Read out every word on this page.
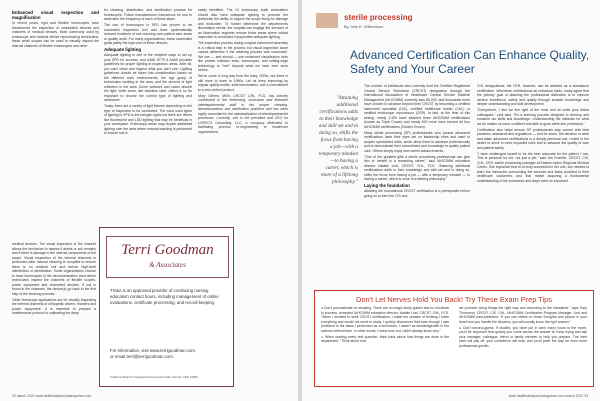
Enhanced visual inspection and magnification

In recent years, rigid and flexible borescopes have transformed the inspection of cannulated devices and channels of medical devices. Most commonly used by endoscope and medical device reprocessing technicians, these small scopes can be used to visually inspect the internal channels of flexible endoscopes and other

medical devices. The visual inspection of the channel allows the technician to assess if debris or soil remains and if there is damage to the internal components of the scope. Visual inspection of the internal channels is performed after manual cleaning is complete to ensure there is no residual soil and before high-level disinfection or sterilization. Some organizations choose to have borescopes in the decontamination area where technicians inspect the channels of flexible scopes, power equipment and channeled devices. If soil is found in the channels, the device(s) go back to the first step of the cleaning process.

Other borescope applications are for visually inspecting the internal channels of orthopedic drivers, reamers and power equipment. It is essential to prepare a maintenance protocol to calibrating the deep

for cleaning, disinfection, and sterilization process for borescopes. Follow manufacturers instructions for use to determine the frequency of each of these steps.

The use of borescopes in SPD has proven to be successful inspection tool and have systematically reduced incidents of soil reaching user patient care areas or quality audit. For many organizations, these successful goals justify the high cost of these devices.

Adequate lighting

Adequate lighting is one of the simplest ways to set up your SPD for success, and AAMI ST79 & AAMI provides guidelines for proper lighting in inspection areas. After all, you can't clean and inspect what you can't see. Lighting guidelines should be taken into consideration based on the different work environments, the age group of technicians working in the area, and the amount of light reflection in the area. Some surfaces and colors absorb the light, while some, like stainless steel, reflect it, so it's important to choose the correct type of lighting and luminance.

Today, there are a variety of light fixtures depending on the type of inspection to be conducted. The most used types of lighting in SPD is the halogen lights but there are others like fluorescent and LED lighting that may be beneficial in your workspace. Endoscopy areas may require additional lighting over the area where manual washing is performed to ensure soil is

easily identified. The GI endoscopy audit workstation should also have adequate lighting to promote the technician the ability to inspect the scope fixing for damage and bioburden. To further determine the department's illumination needs, the hospital can engage the services of an illumination engineer ensure those areas where critical inspection is conducted incorporates adequate lighting.

The inspection process during surgical instrument assembly is a critical step in the process but visual inspection alone cannot determine if the cleaning process was successful. We can — and should — use enhanced visualization tools like protein indicator tests, borescopes, and cutting-edge technology to "see" beyond what we have ever seen before.

We've come a long way from the early 1900s, but there is still more to learn in 1990s. Let us keep improving by regular quality audits, solid benchmarks, and a commitment to a zero-defect product.

Mary Olivera, MSN, CRCST, CHL, FCS, has actively contributed in the reinforcing, curriculum and intensive interdepartmental staff in the proper cleaning, decontamination and sterilization practices and has been highly committed to the standardization of interdepartmental processes. Currently, she is the president and CEO for OSPECS Consulting, LLC, a company dedicated to facilitating process re-engineering in healthcare organizations.

Terri Goodman
& Associates
TG&A is an approved provider of continuing nursing education contact hours, including management of online evaluations, certificate processing, and record-keeping.
For information, visit www.terrigoodman.com,
or email terri@terrigoodman.com.
California Board of Registered Nursing Provider Number CEP 10050
32 march 2021 www.healthcarepurchasingnews.com
sterile processing
By Julie E. Williamson
Advanced Certification Can Enhance Quality, Safety and Your Career
"Attaining additional certifications adds to their knowledge and skill set and in doing so, shifts the focus from having a job—with a temporary mindset—to having a career, which is more of a lifelong philosophy."

The number of individuals who currently hold the Certified Registered Central Service Technician (CRCST) designation through the International Association of Healthcare Central Service Materiel Management (IAHCSMM) currently tops 86,000, and thousands more have chosen to advance beyond their CRCST by becoming a certified instrument specialist (CIS), certified healthcare leader (CHL) or certified endoscope reprocessor (CER). In fact, at the time of this writing, nearly 1,400 have attained three IAHCSMM certifications (known as Triple Crown) and nearly 500 more have earned all four IAHCSMM certifications (Golden Crown).

Many sterile processing (SP) professionals who pursue advanced certifications have their eyes set on leadership roles and want to acquire specialized skills, which allow them to advance professionally and to demonstrate their commitment and knowledge to quality patient care. Others simply enjoy new career advancements.

"One of the greatest gifts a sterile processing professional can give him or herself is a rewarding career," said IAHCSMM education director Natalie Lind, CRCST, CHL, FCS. "Attaining additional certifications adds to their knowledge and skill set and in doing so, shifts the focus from having a job — with a temporary mindset — to having a career, which is more of a lifelong philosophy."

Laying the foundation

Attaining the foundational CRCST certification is a prerequisite before going on to earn the CIS and

CHL designations; the CER, however, can be attained as a standalone certification. Whichever certifications an individual holds, many agree that the primary goal of attaining the professional distinction is to improve service excellence, safety and quality through broader knowledge and deeper understanding and skill development.

"Everywhere, I feel we live right of the most and all while your fellow colleagues," Lind said. "It's a learning process designed to develop and enhance our skills and knowledge. Understanding the rationale for what we do makes us more confident and able to grow within the profession."

Certification also helps ensure SP professionals stay current with best practices, standards and regulations — and for some, the decision to seek and attain advanced certifications is a deeply personal one, rooted in the desire to serve in more impactful roles and to advance the quality of care and patient safety.

"I have challenged myself to be the best advocate for the patient I can. This is personal for me, not just a job," said Jen Franklin, CRCST, CIS, CHL, CER, sterile processing manager at Eastern Idaho Regional Medical Center. She explained that to be truly successful in her role, she needed to learn the intricacies surrounding the services and tasks provided to their healthcare customers, and that meant acquiring a fundamental understanding of the processes and steps were so important.

Don't Let Nerves Hold You Back! Try These Exam Prep Tips

● Don't procrastinate on studying. There are no magic study guides and no shortcuts to success, reminded IAHCSMM education director, Natalie Lind, CRCST, CHL, FCS. "When I decided to seek CRCST certification, I made the mistake of thinking I knew everything and would not need to study. I quickly discovered that even though I was proficient in the tasks I performed as a technician, I wasn't as knowledgeable in the science behind them. In other words, I knew how, but I didn't always know why."

● When reading every test question, think back about how things are done in the department. "Think about how

we promote doing things the right way and according to the standards," says Tony Thurmond, CRCST, CIS, CHL, IAHCSMM Certification Program Manager. Lind and IAHCSMM past-president: "If you can reflect on those thoughts and picture in your head how you handle the situation, you will usually know the right answer."

● Don't second-guess. If studied, you have put in work many hours to the exam, you'll be surprised how quickly you come across the answer is. Keep trying and ask your manager, colleague, friend or family member to help you prepare. The hard work will pay off, your confidence will soar, and you'll pave the way for even more professional growth.

www.healthcarepurchasingnews.com march 2021 33
